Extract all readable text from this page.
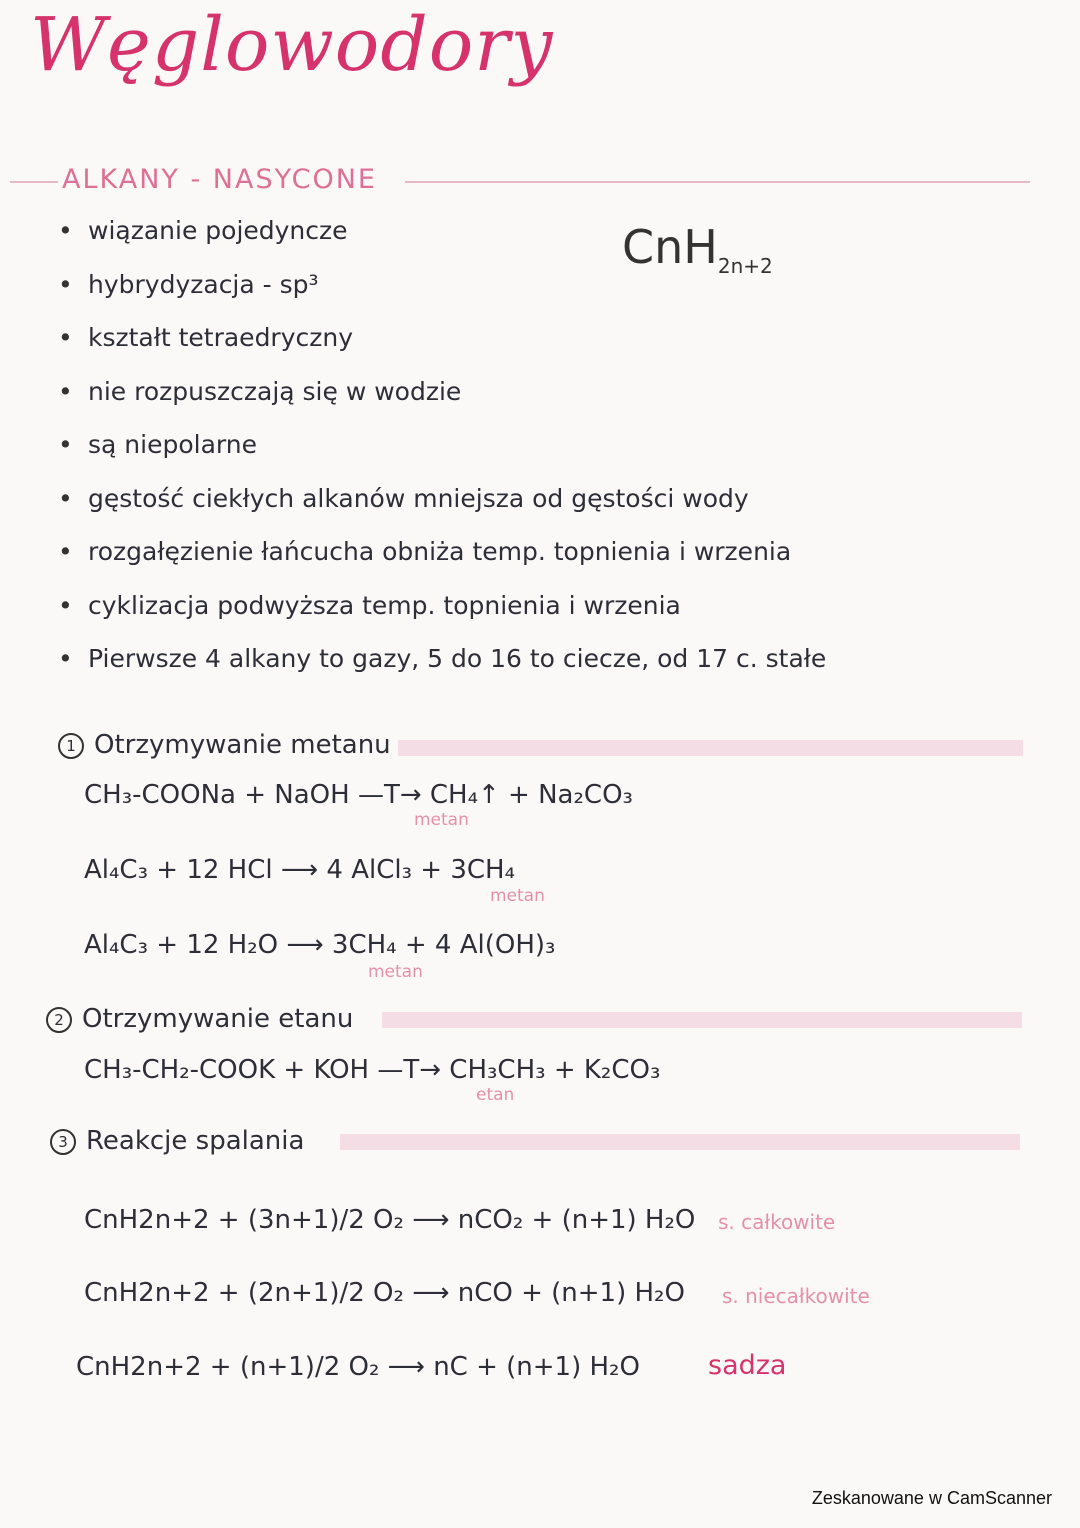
Węglowodory
ALKANY - NASYCONE
CnH$_{2n+2}$
• wiązanie pojedyncze
• hybrydyzacja - sp³
• kształt tetraedryczny
• nie rozpuszczają się w wodzie
• są niepolarne
• gęstość ciekłych alkanów mniejsza od gęstości wody
• rozgałęzienie łańcucha obniża temp. topnienia i wrzenia
• cyklizacja podwyższa temp. topnienia i wrzenia
• Pierwsze 4 alkany to gazy, 5 do 16 to ciecze, od 17 c. stałe
1 Otrzymywanie metanu
CH₃-COONa + NaOH —T→ CH₄↑ + Na₂CO₃
metan
Al₄C₃ + 12 HCl ⟶ 4 AlCl₃ + 3CH₄
metan
Al₄C₃ + 12 H₂O ⟶ 3CH₄ + 4 Al(OH)₃
metan
2 Otrzymywanie etanu
CH₃-CH₂-COOK + KOH —T→ CH₃CH₃ + K₂CO₃
etan
3 Reakcje spalania
CnH2n+2 + (3n+1)/2 O₂ ⟶ nCO₂ + (n+1) H₂O s. całkowite
CnH2n+2 + (2n+1)/2 O₂ ⟶ nCO + (n+1) H₂O s. niecałkowite
CnH2n+2 + (n+1)/2 O₂ ⟶ nC + (n+1) H₂O	sadza
Zeskanowane w CamScanner
